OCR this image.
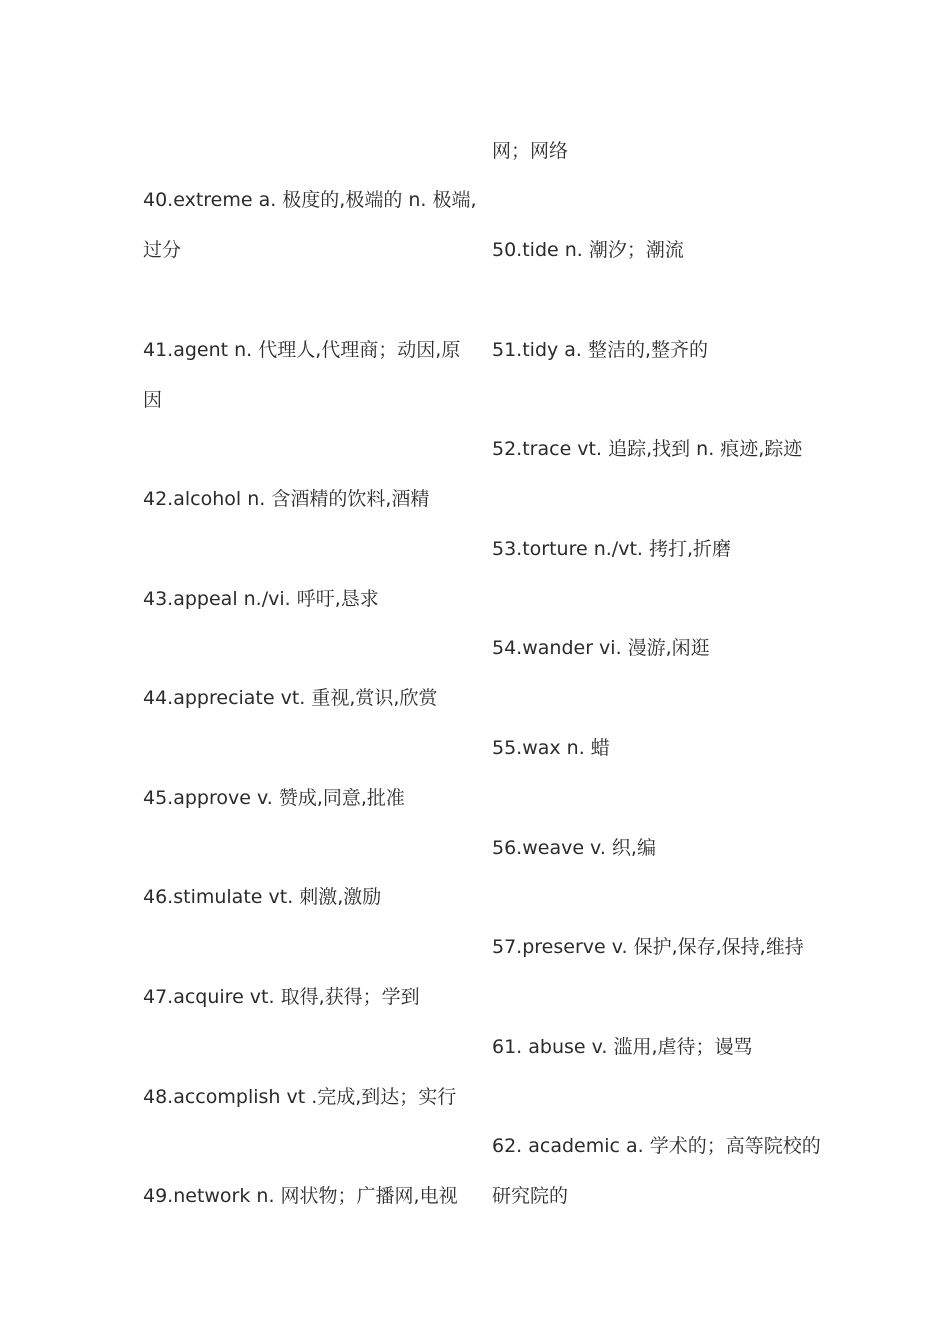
40.extreme a. 极度的,极端的 n. 极端,
过分
41.agent n. 代理人,代理商；动因,原
因
42.alcohol n. 含酒精的饮料,酒精
43.appeal n./vi. 呼吁,恳求
44.appreciate vt. 重视,赏识,欣赏
45.approve v. 赞成,同意,批准
46.stimulate vt. 刺激,激励
47.acquire vt. 取得,获得；学到
48.accomplish vt .完成,到达；实行
49.network n. 网状物；广播网,电视
网；网络
50.tide n. 潮汐；潮流
51.tidy a. 整洁的,整齐的
52.trace vt. 追踪,找到 n. 痕迹,踪迹
53.torture n./vt. 拷打,折磨
54.wander vi. 漫游,闲逛
55.wax n. 蜡
56.weave v. 织,编
57.preserve v. 保护,保存,保持,维持
61. abuse v. 滥用,虐待；谩骂
62. academic a. 学术的；高等院校的
研究院的
